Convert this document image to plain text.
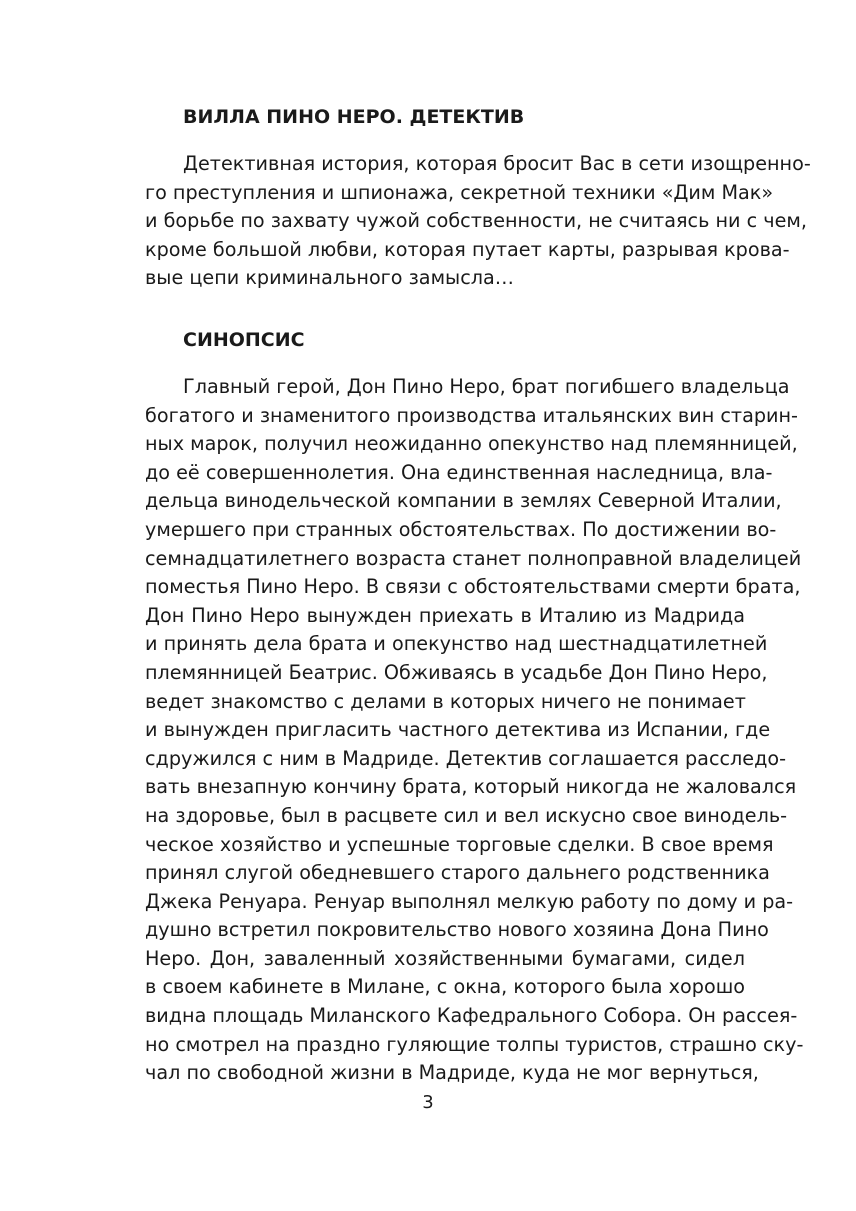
ВИЛЛА ПИНО НЕРО. ДЕТЕКТИВ
Детективная история, которая бросит Вас в сети изощренно-
го преступления и шпионажа, секретной техники «Дим Мак»
и борьбе по захвату чужой собственности, не считаясь ни с чем,
кроме большой любви, которая путает карты, разрывая крова-
вые цепи криминального замысла…
СИНОПСИС
Главный герой, Дон Пино Неро, брат погибшего владельца
богатого и знаменитого производства итальянских вин старин-
ных марок, получил неожиданно опекунство над племянницей,
до её совершеннолетия. Она единственная наследница, вла-
дельца винодельческой компании в землях Северной Италии,
умершего при странных обстоятельствах. По достижении во-
семнадцатилетнего возраста станет полноправной владелицей
поместья Пино Неро. В связи с обстоятельствами смерти брата,
Дон Пино Неро вынужден приехать в Италию из Мадрида
и принять дела брата и опекунство над шестнадцатилетней
племянницей Беатрис. Обживаясь в усадьбе Дон Пино Неро,
ведет знакомство с делами в которых ничего не понимает
и вынужден пригласить частного детектива из Испании, где
сдружился с ним в Мадриде. Детектив соглашается расследо-
вать внезапную кончину брата, который никогда не жаловался
на здоровье, был в расцвете сил и вел искусно свое винодель-
ческое хозяйство и успешные торговые сделки. В свое время
принял слугой обедневшего старого дальнего родственника
Джека Ренуара. Ренуар выполнял мелкую работу по дому и ра-
душно встретил покровительство нового хозяина Дона Пино
Неро. Дон, заваленный хозяйственными бумагами, сидел
в своем кабинете в Милане, с окна, которого была хорошо
видна площадь Миланского Кафедрального Собора. Он рассея-
но смотрел на праздно гуляющие толпы туристов, страшно ску-
чал по свободной жизни в Мадриде, куда не мог вернуться,
3
